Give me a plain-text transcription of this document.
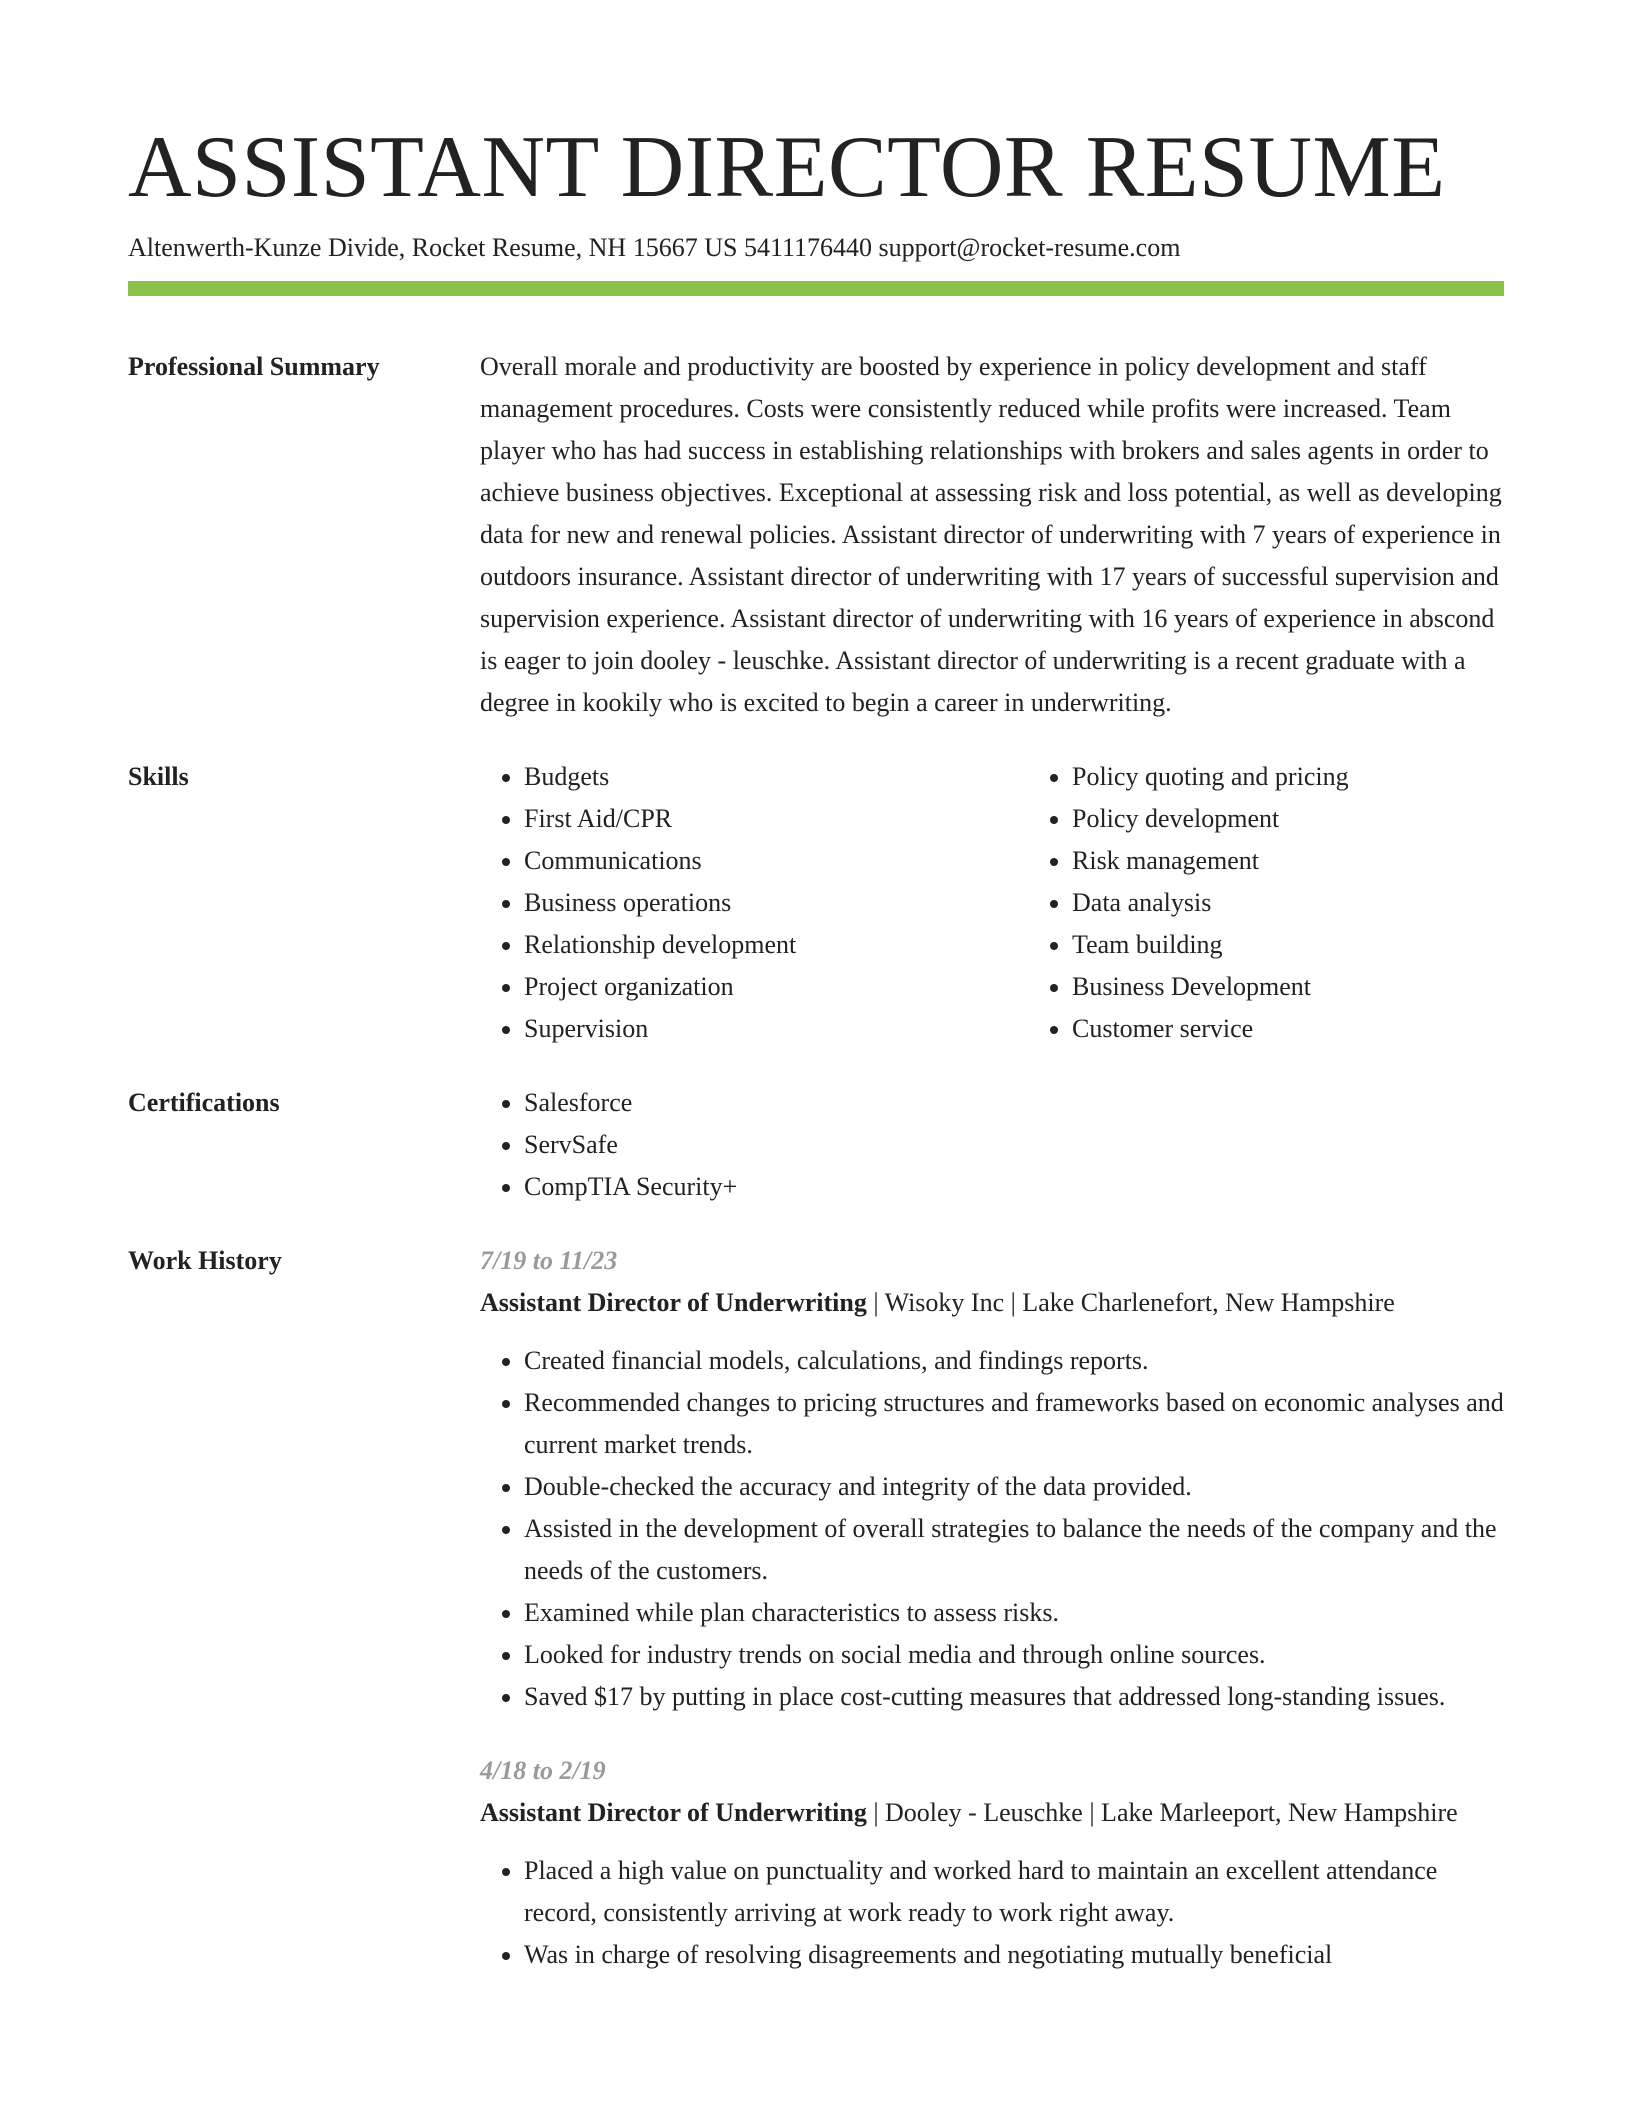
ASSISTANT DIRECTOR RESUME
Altenwerth-Kunze Divide, Rocket Resume, NH 15667 US 5411176440 support@rocket-resume.com
Professional Summary	Overall morale and productivity are boosted by experience in policy development and staff management procedures. Costs were consistently reduced while profits were increased. Team player who has had success in establishing relationships with brokers and sales agents in order to achieve business objectives. Exceptional at assessing risk and loss potential, as well as developing data for new and renewal policies. Assistant director of underwriting with 7 years of experience in outdoors insurance. Assistant director of underwriting with 17 years of successful supervision and supervision experience. Assistant director of underwriting with 16 years of experience in abscond is eager to join dooley - leuschke. Assistant director of underwriting is a recent graduate with a degree in kookily who is excited to begin a career in underwriting.
Skills	• Budgets
• First Aid/CPR
• Communications
• Business operations
• Relationship development
• Project organization
• Supervision
• Policy quoting and pricing
• Policy development
• Risk management
• Data analysis
• Team building
• Business Development
• Customer service
Certifications	• Salesforce
• ServSafe
• CompTIA Security+
Work History	7/19 to 11/23
Assistant Director of Underwriting | Wisoky Inc | Lake Charlenefort, New Hampshire
• Created financial models, calculations, and findings reports.
• Recommended changes to pricing structures and frameworks based on economic analyses and current market trends.
• Double-checked the accuracy and integrity of the data provided.
• Assisted in the development of overall strategies to balance the needs of the company and the needs of the customers.
• Examined while plan characteristics to assess risks.
• Looked for industry trends on social media and through online sources.
• Saved $17 by putting in place cost-cutting measures that addressed long-standing issues.
4/18 to 2/19
Assistant Director of Underwriting | Dooley - Leuschke | Lake Marleeport, New Hampshire
• Placed a high value on punctuality and worked hard to maintain an excellent attendance record, consistently arriving at work ready to work right away.
• Was in charge of resolving disagreements and negotiating mutually beneficial
